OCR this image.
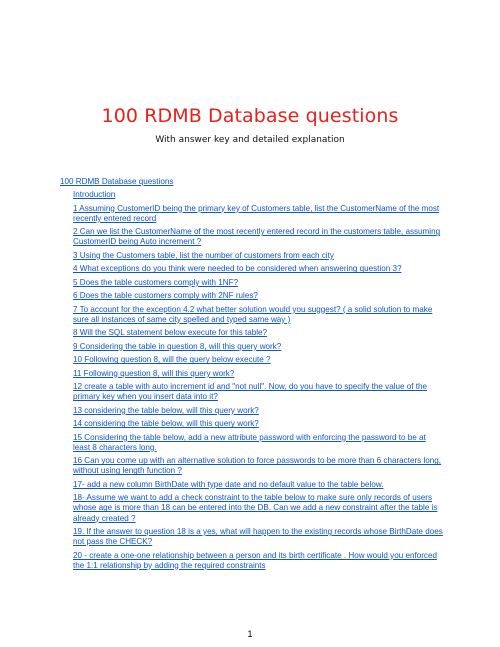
100 RDMB Database questions
With answer key and detailed explanation
100 RDMB Database questions
Introduction
1 Assuming CustomerID being the primary key of Customers table, list the CustomerName of the most recently entered record
2 Can we list the CustomerName of the most recently entered record in the customers table, assuming CustomerID being Auto increment ?
3 Using the Customers table, list the number of customers from each city
4 What exceptions do you think were needed to be considered when answering question 3?
5 Does the table customers comply with 1NF?
6 Does the table customers comply with 2NF rules?
7 To account for the exception 4.2 what better solution would you suggest? ( a solid solution to make sure all instances of same city spelled and typed same way )
8 Will the SQL statement below execute for this table?
9 Considering the table in question 8, will this query work?
10 Following question 8, will the query below execute ?
11 Following question 8, will this query work?
12 create a table with auto increment id and "not null". Now, do you have to specify the value of the primary key when you insert data into it?
13 considering the table below, will this query work?
14 considering the table below, will this query work?
15 Considering the table below, add a new attribute password with enforcing the password to be at least 8 characters long.
16 Can you come up with an alternative solution to force passwords to be more than 6 characters long, without using length function ?
17- add a new column BirthDate with type date and no default value to the table below.
18- Assume we want to add a check constraint to the table below to make sure only records of users whose age is more than 18 can be entered into the DB. Can we add a new constraint after the table is already created ?
19. If the answer to question 18 is a yes, what will happen to the existing records whose BirthDate does not pass the CHECK?
20 - create a one-one relationship between a person and its birth certificate . How would you enforced the 1:1 relationship by adding the required constraints
1
